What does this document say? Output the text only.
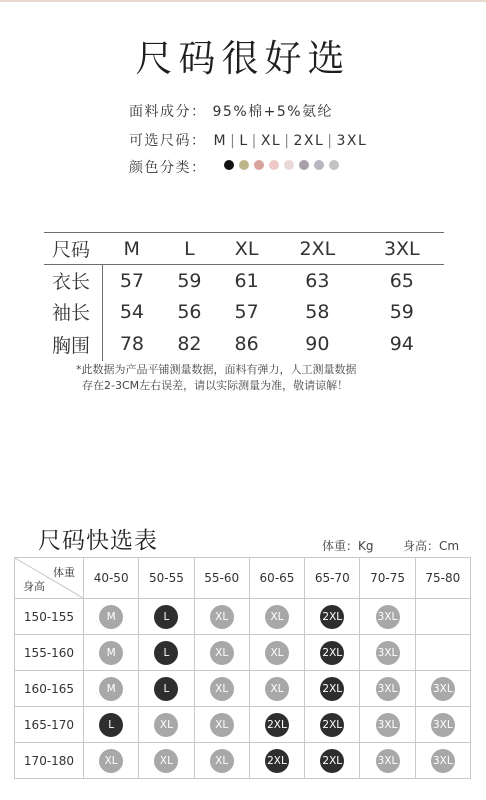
尺码很好选
面料成分： 95%棉+5%氨纶
可选尺码： M | L | XL | 2XL | 3XL
颜色分类：
尺码	M	L	XL	2XL	3XL
衣长	57	59	61	63	65
袖长	54	56	57	58	59
胸围	78	82	86	90	94
*此数据为产品平铺测量数据，面料有弹力，人工测量数据
存在2-3CM左右误差，请以实际测量为准，敬请谅解！
尺码快选表	体重：Kg 身高：Cm
体重
身高	40-50	50-55	55-60	60-65	65-70	70-75	75-80
150-155	M	L	XL	XL	2XL	3XL	
155-160	M	L	XL	XL	2XL	3XL	
160-165	M	L	XL	XL	2XL	3XL	3XL
165-170	L	XL	XL	2XL	2XL	3XL	3XL
170-180	XL	XL	XL	2XL	2XL	3XL	3XL
